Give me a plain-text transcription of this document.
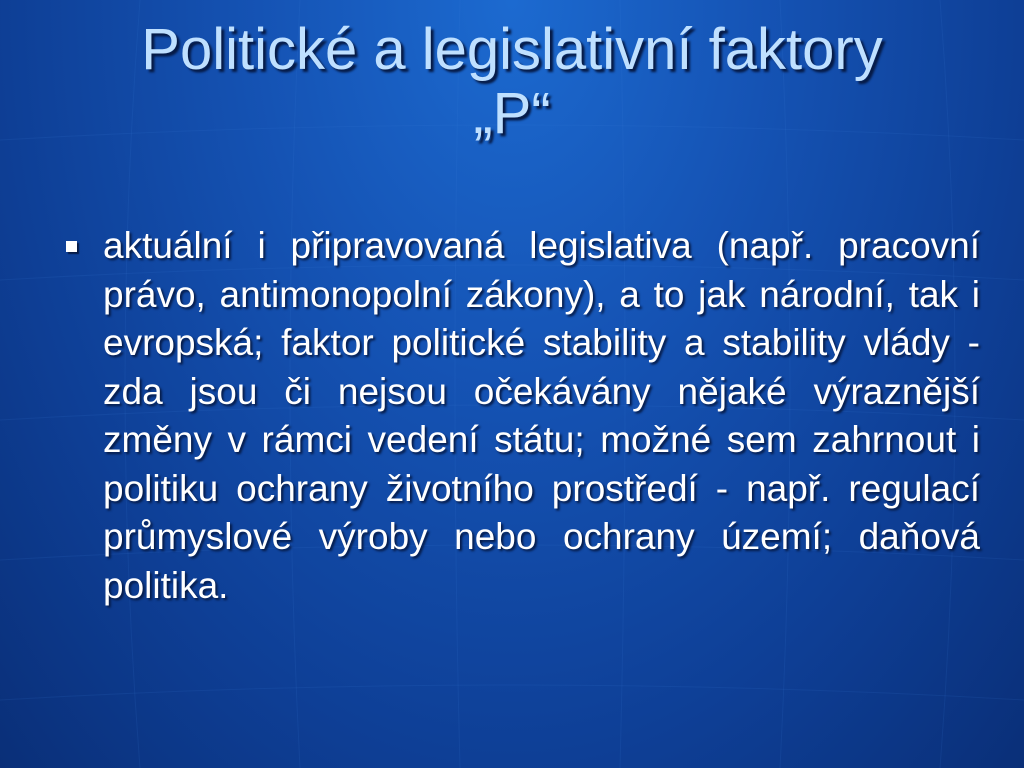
Politické a legislativní faktory
„P“
aktuální i připravovaná legislativa (např. pracovní právo, antimonopolní zákony), a to jak národní, tak i evropská; faktor politické stability a stability vlády - zda jsou či nejsou očekávány nějaké výraznější změny v rámci vedení státu; možné sem zahrnout i politiku ochrany životního prostředí - např. regulací průmyslové výroby nebo ochrany území; daňová politika.
